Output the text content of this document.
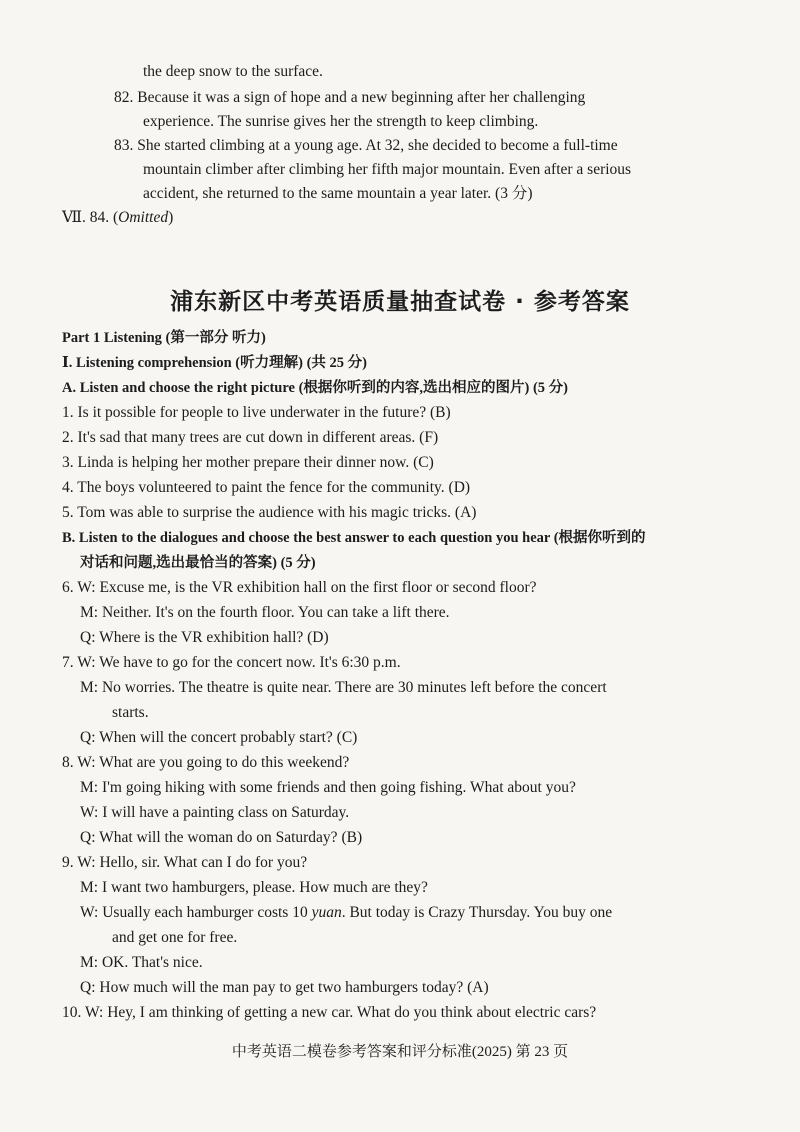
the deep snow to the surface.
82. Because it was a sign of hope and a new beginning after her challenging
experience. The sunrise gives her the strength to keep climbing.
83. She started climbing at a young age. At 32, she decided to become a full-time
mountain climber after climbing her fifth major mountain. Even after a serious
accident, she returned to the same mountain a year later. (3 分)
Ⅶ. 84. (Omitted)
浦东新区中考英语质量抽查试卷 · 参考答案
Part 1 Listening (第一部分 听力)
Ⅰ. Listening comprehension (听力理解) (共 25 分)
A. Listen and choose the right picture (根据你听到的内容,选出相应的图片) (5 分)
1. Is it possible for people to live underwater in the future? (B)
2. It's sad that many trees are cut down in different areas. (F)
3. Linda is helping her mother prepare their dinner now. (C)
4. The boys volunteered to paint the fence for the community. (D)
5. Tom was able to surprise the audience with his magic tricks. (A)
B. Listen to the dialogues and choose the best answer to each question you hear (根据你听到的
对话和问题,选出最恰当的答案) (5 分)
6. W: Excuse me, is the VR exhibition hall on the first floor or second floor?
M: Neither. It's on the fourth floor. You can take a lift there.
Q: Where is the VR exhibition hall? (D)
7. W: We have to go for the concert now. It's 6:30 p.m.
M: No worries. The theatre is quite near. There are 30 minutes left before the concert
starts.
Q: When will the concert probably start? (C)
8. W: What are you going to do this weekend?
M: I'm going hiking with some friends and then going fishing. What about you?
W: I will have a painting class on Saturday.
Q: What will the woman do on Saturday? (B)
9. W: Hello, sir. What can I do for you?
M: I want two hamburgers, please. How much are they?
W: Usually each hamburger costs 10 yuan. But today is Crazy Thursday. You buy one
and get one for free.
M: OK. That's nice.
Q: How much will the man pay to get two hamburgers today? (A)
10. W: Hey, I am thinking of getting a new car. What do you think about electric cars?
中考英语二模卷参考答案和评分标准(2025) 第 23 页
